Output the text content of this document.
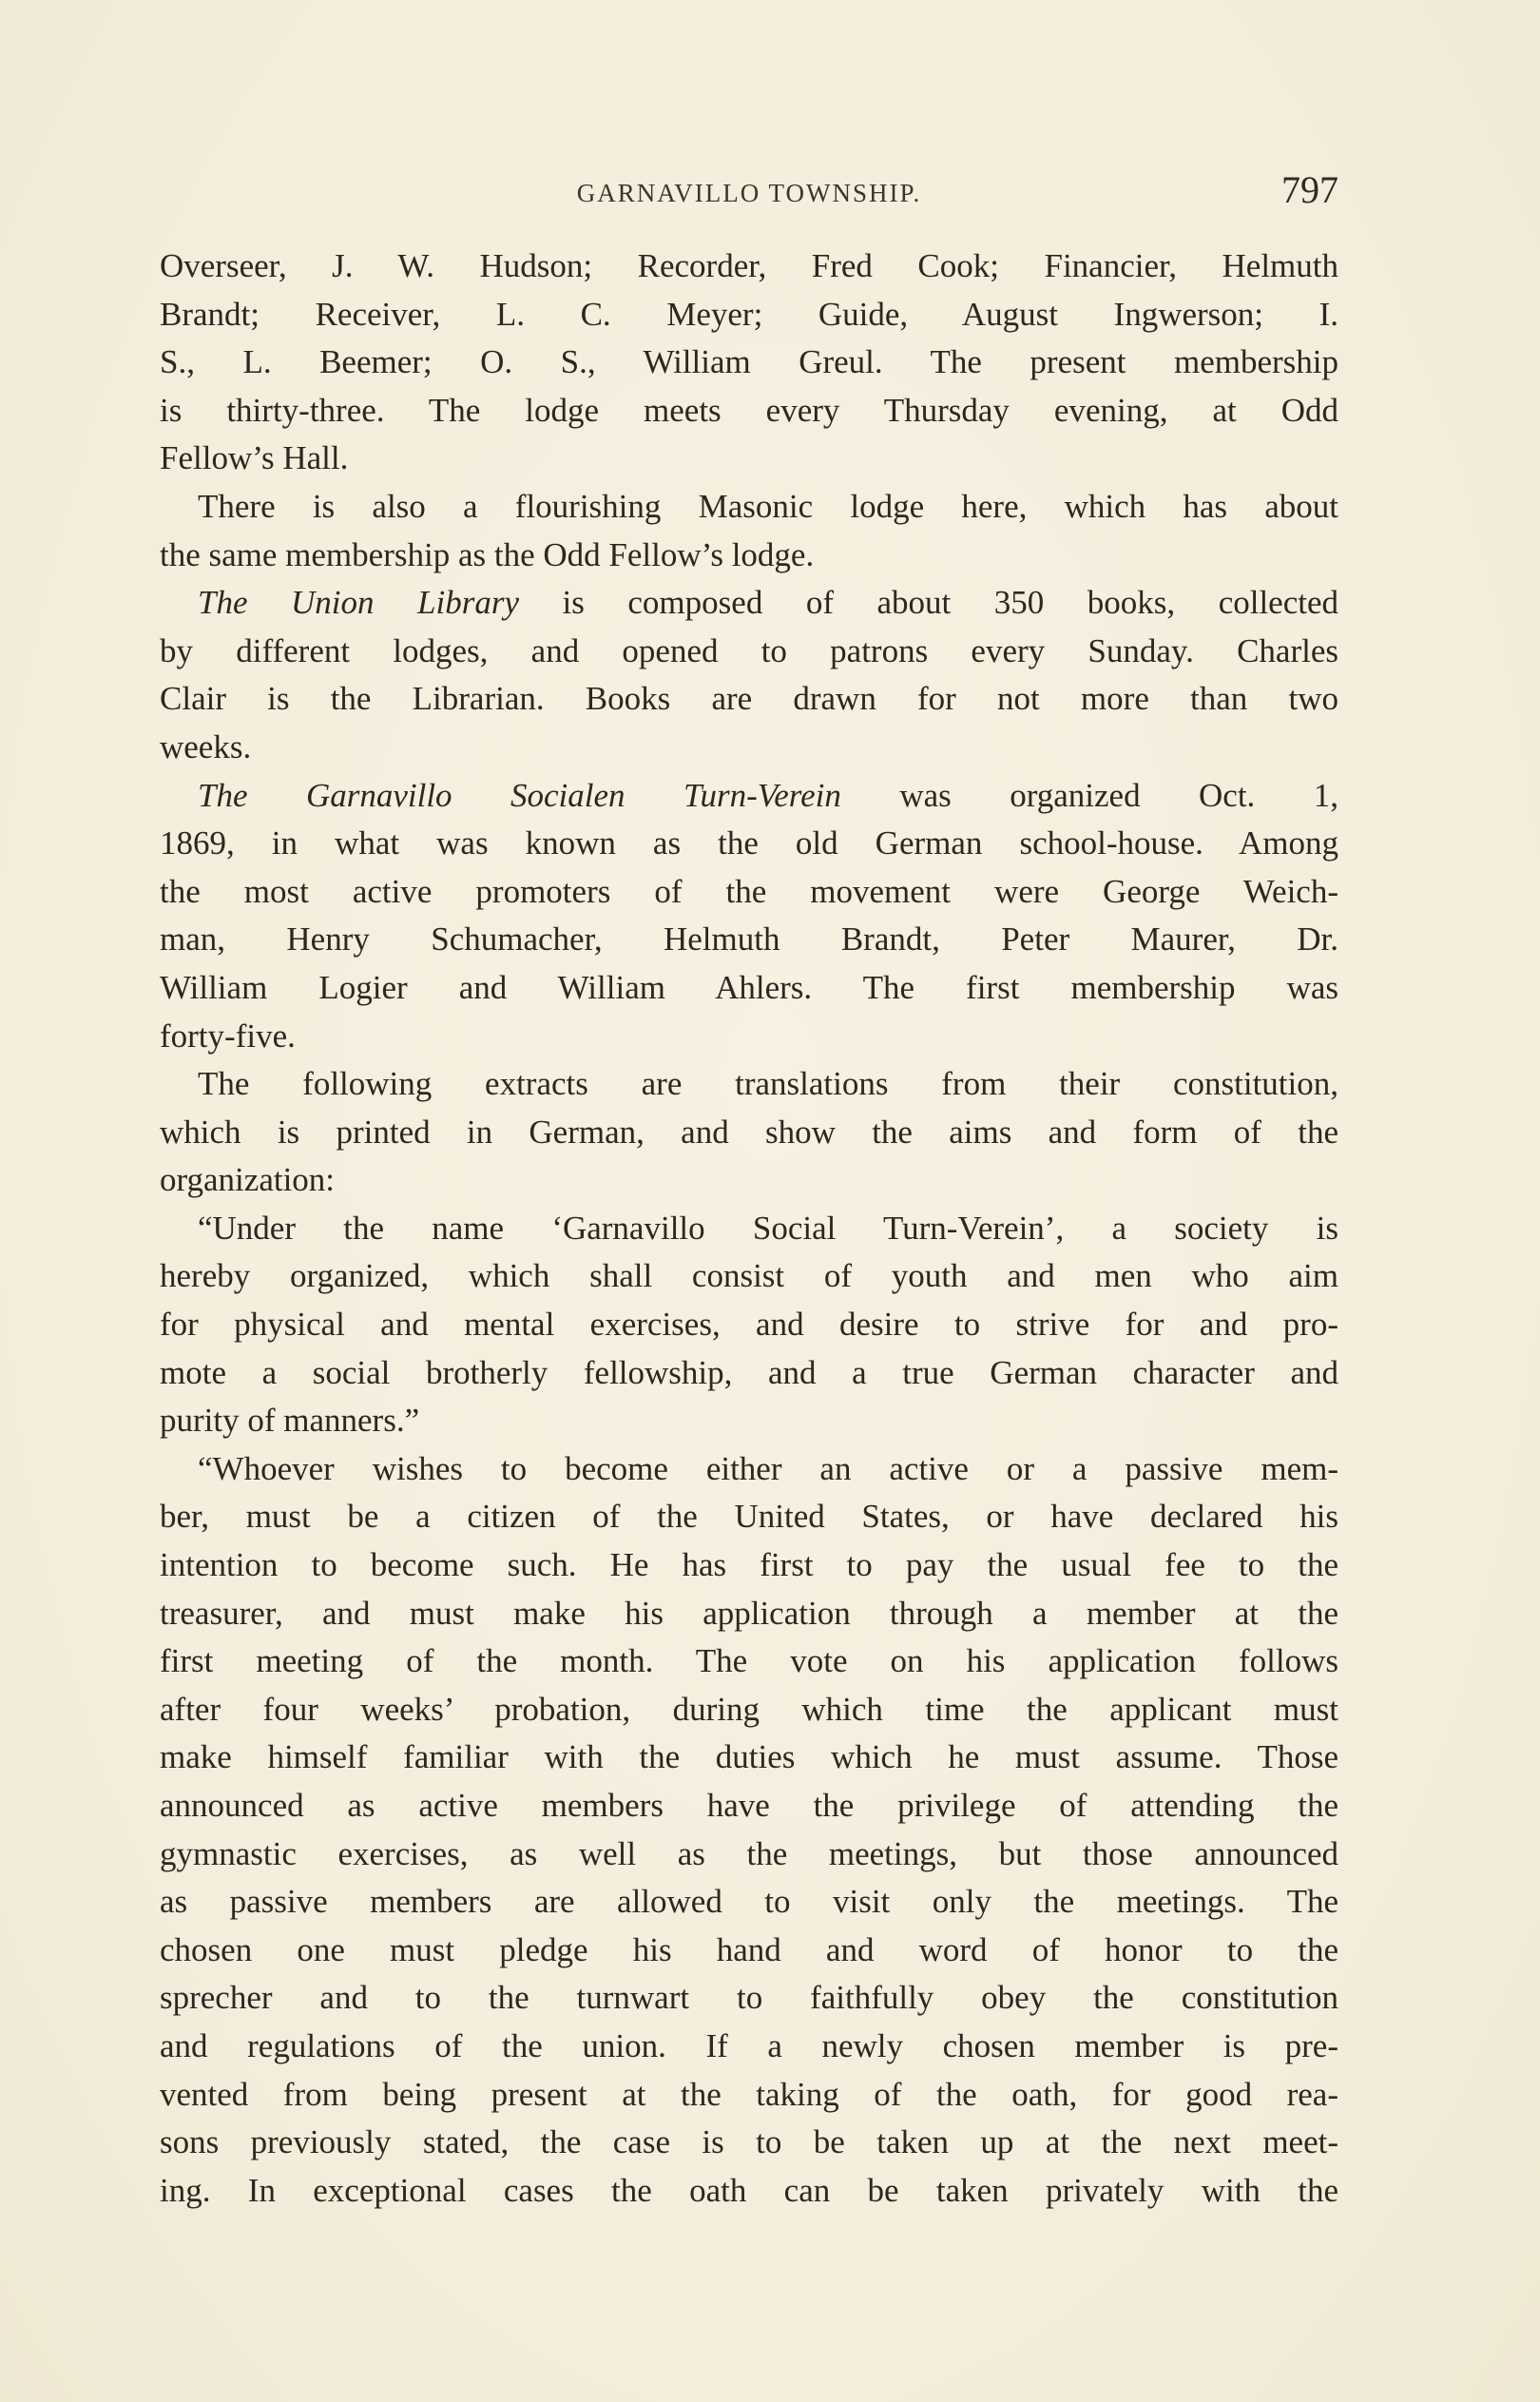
GARNAVILLO TOWNSHIP.	797
Overseer, J. W. Hudson; Recorder, Fred Cook; Financier, Helmuth
Brandt; Receiver, L. C. Meyer; Guide, August Ingwerson; I.
S., L. Beemer; O. S., William Greul. The present membership
is thirty-three. The lodge meets every Thursday evening, at Odd
Fellow’s Hall.
There is also a flourishing Masonic lodge here, which has about
the same membership as the Odd Fellow’s lodge.
The Union Library is composed of about 350 books, collected
by different lodges, and opened to patrons every Sunday. Charles
Clair is the Librarian. Books are drawn for not more than two
weeks.
The Garnavillo Socialen Turn-Verein was organized Oct. 1,
1869, in what was known as the old German school-house. Among
the most active promoters of the movement were George Weich-
man, Henry Schumacher, Helmuth Brandt, Peter Maurer, Dr.
William Logier and William Ahlers. The first membership was
forty-five.
The following extracts are translations from their constitution,
which is printed in German, and show the aims and form of the
organization:
“Under the name ‘Garnavillo Social Turn-Verein’, a society is
hereby organized, which shall consist of youth and men who aim
for physical and mental exercises, and desire to strive for and pro-
mote a social brotherly fellowship, and a true German character and
purity of manners.”
“Whoever wishes to become either an active or a passive mem-
ber, must be a citizen of the United States, or have declared his
intention to become such. He has first to pay the usual fee to the
treasurer, and must make his application through a member at the
first meeting of the month. The vote on his application follows
after four weeks’ probation, during which time the applicant must
make himself familiar with the duties which he must assume. Those
announced as active members have the privilege of attending the
gymnastic exercises, as well as the meetings, but those announced
as passive members are allowed to visit only the meetings. The
chosen one must pledge his hand and word of honor to the
sprecher and to the turnwart to faithfully obey the constitution
and regulations of the union. If a newly chosen member is pre-
vented from being present at the taking of the oath, for good rea-
sons previously stated, the case is to be taken up at the next meet-
ing. In exceptional cases the oath can be taken privately with the
